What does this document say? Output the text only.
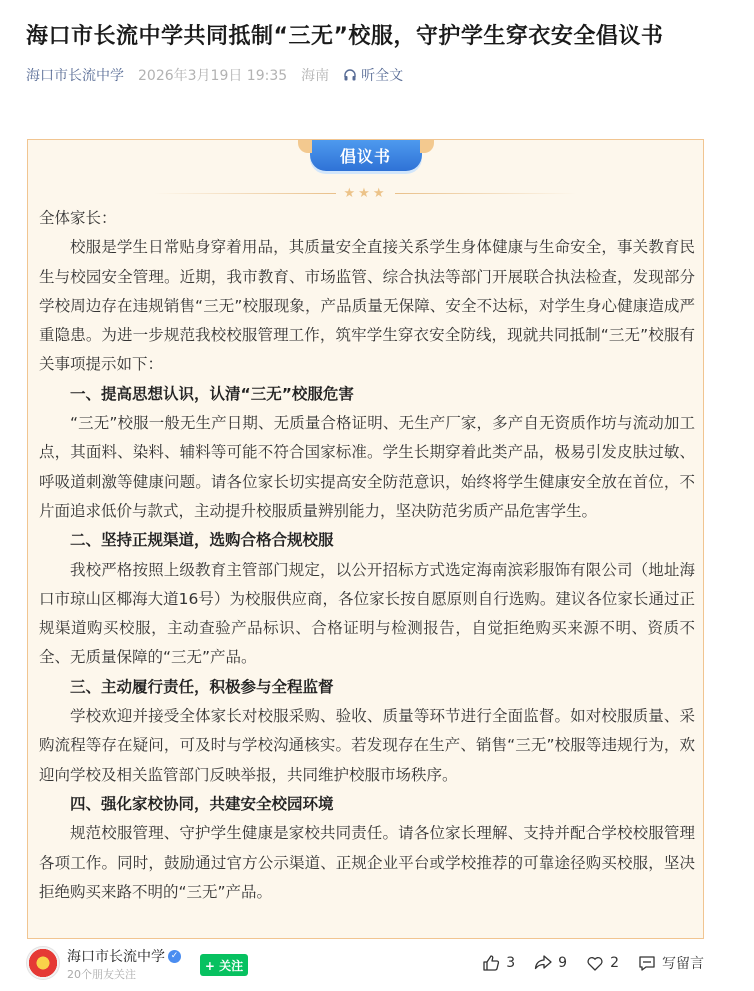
海口市长流中学共同抵制“三无”校服，守护学生穿衣安全倡议书
海口市长流中学 2026年3月19日 19:35 海南 听全文
倡议书
★★★

全体家长：

校服是学生日常贴身穿着用品，其质量安全直接关系学生身体健康与生命安全，事关教育民生与校园安全管理。近期，我市教育、市场监管、综合执法等部门开展联合执法检查，发现部分学校周边存在违规销售“三无”校服现象，产品质量无保障、安全不达标，对学生身心健康造成严重隐患。为进一步规范我校校服管理工作，筑牢学生穿衣安全防线，现就共同抵制“三无”校服有关事项提示如下：

一、提高思想认识，认清“三无”校服危害

“三无”校服一般无生产日期、无质量合格证明、无生产厂家，多产自无资质作坊与流动加工点，其面料、染料、辅料等可能不符合国家标准。学生长期穿着此类产品，极易引发皮肤过敏、呼吸道刺激等健康问题。请各位家长切实提高安全防范意识，始终将学生健康安全放在首位，不片面追求低价与款式，主动提升校服质量辨别能力，坚决防范劣质产品危害学生。

二、坚持正规渠道，选购合格合规校服

我校严格按照上级教育主管部门规定，以公开招标方式选定海南滨彩服饰有限公司（地址海口市琼山区椰海大道16号）为校服供应商，各位家长按自愿原则自行选购。建议各位家长通过正规渠道购买校服，主动查验产品标识、合格证明与检测报告，自觉拒绝购买来源不明、资质不全、无质量保障的“三无”产品。

三、主动履行责任，积极参与全程监督

学校欢迎并接受全体家长对校服采购、验收、质量等环节进行全面监督。如对校服质量、采购流程等存在疑问，可及时与学校沟通核实。若发现存在生产、销售“三无”校服等违规行为，欢迎向学校及相关监管部门反映举报，共同维护校服市场秩序。

四、强化家校协同，共建安全校园环境

规范校服管理、守护学生健康是家校共同责任。请各位家长理解、支持并配合学校校服管理各项工作。同时，鼓励通过官方公示渠道、正规企业平台或学校推荐的可靠途径购买校服，坚决拒绝购买来路不明的“三无”产品。

海口市长流中学 ✓
20个朋友关注
+ 关注	3	9	2	写留言
